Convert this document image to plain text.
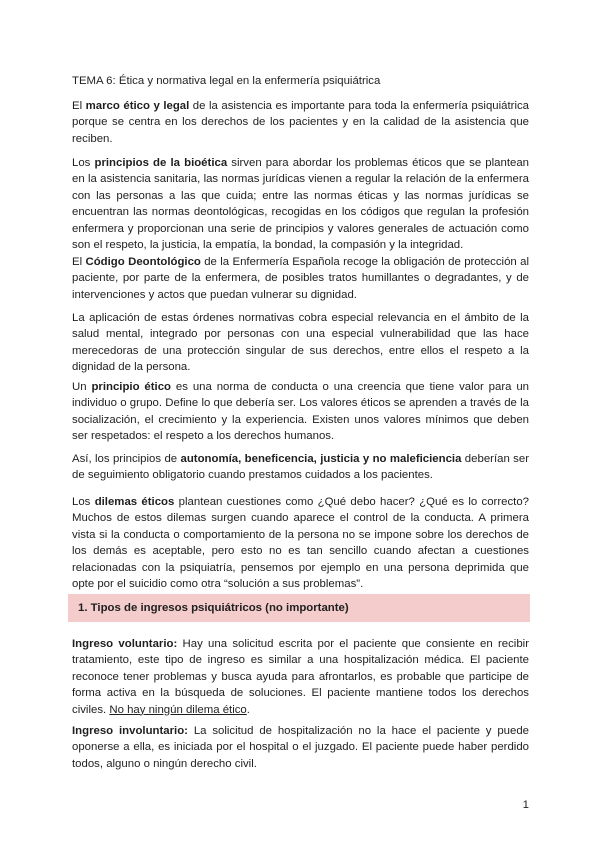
TEMA 6: Ética y normativa legal en la enfermería psiquiátrica

El marco ético y legal de la asistencia es importante para toda la enfermería psiquiátrica porque se centra en los derechos de los pacientes y en la calidad de la asistencia que reciben.

Los principios de la bioética sirven para abordar los problemas éticos que se plantean en la asistencia sanitaria, las normas jurídicas vienen a regular la relación de la enfermera con las personas a las que cuida; entre las normas éticas y las normas jurídicas se encuentran las normas deontológicas, recogidas en los códigos que regulan la profesión enfermera y proporcionan una serie de principios y valores generales de actuación como son el respeto, la justicia, la empatía, la bondad, la compasión y la integridad.

El Código Deontológico de la Enfermería Española recoge la obligación de protección al paciente, por parte de la enfermera, de posibles tratos humillantes o degradantes, y de intervenciones y actos que puedan vulnerar su dignidad.

La aplicación de estas órdenes normativas cobra especial relevancia en el ámbito de la salud mental, integrado por personas con una especial vulnerabilidad que las hace merecedoras de una protección singular de sus derechos, entre ellos el respeto a la dignidad de la persona.

Un principio ético es una norma de conducta o una creencia que tiene valor para un individuo o grupo. Define lo que debería ser. Los valores éticos se aprenden a través de la socialización, el crecimiento y la experiencia. Existen unos valores mínimos que deben ser respetados: el respeto a los derechos humanos.

Así, los principios de autonomía, beneficencia, justicia y no maleficiencia deberían ser de seguimiento obligatorio cuando prestamos cuidados a los pacientes.

Los dilemas éticos plantean cuestiones como ¿Qué debo hacer? ¿Qué es lo correcto? Muchos de estos dilemas surgen cuando aparece el control de la conducta. A primera vista si la conducta o comportamiento de la persona no se impone sobre los derechos de los demás es aceptable, pero esto no es tan sencillo cuando afectan a cuestiones relacionadas con la psiquiatría, pensemos por ejemplo en una persona deprimida que opte por el suicidio como otra “solución a sus problemas”.

1. Tipos de ingresos psiquiátricos (no importante)

Ingreso voluntario: Hay una solicitud escrita por el paciente que consiente en recibir tratamiento, este tipo de ingreso es similar a una hospitalización médica. El paciente reconoce tener problemas y busca ayuda para afrontarlos, es probable que participe de forma activa en la búsqueda de soluciones. El paciente mantiene todos los derechos civiles. No hay ningún dilema ético.

Ingreso involuntario: La solicitud de hospitalización no la hace el paciente y puede oponerse a ella, es iniciada por el hospital o el juzgado. El paciente puede haber perdido todos, alguno o ningún derecho civil.

1
